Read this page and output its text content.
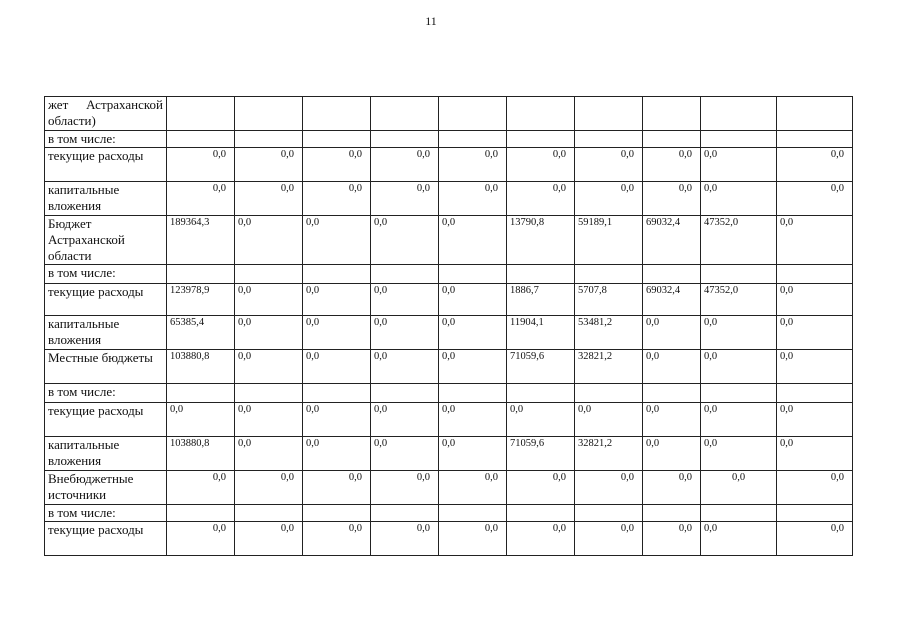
11
жет Астраханской области)										
в том числе:										
текущие расходы	0,0	0,0	0,0	0,0	0,0	0,0	0,0	0,0	0,0	0,0
капитальные вложения	0,0	0,0	0,0	0,0	0,0	0,0	0,0	0,0	0,0	0,0
Бюджет Астраханской области	189364,3	0,0	0,0	0,0	0,0	13790,8	59189,1	69032,4	47352,0	0,0
в том числе:										
текущие расходы	123978,9	0,0	0,0	0,0	0,0	1886,7	5707,8	69032,4	47352,0	0,0
капитальные вложения	65385,4	0,0	0,0	0,0	0,0	11904,1	53481,2	0,0	0,0	0,0
Местные бюджеты	103880,8	0,0	0,0	0,0	0,0	71059,6	32821,2	0,0	0,0	0,0
в том числе:										
текущие расходы	0,0	0,0	0,0	0,0	0,0	0,0	0,0	0,0	0,0	0,0
капитальные вложения	103880,8	0,0	0,0	0,0	0,0	71059,6	32821,2	0,0	0,0	0,0
Внебюджетные источники	0,0	0,0	0,0	0,0	0,0	0,0	0,0	0,0	0,0	0,0
в том числе:										
текущие расходы	0,0	0,0	0,0	0,0	0,0	0,0	0,0	0,0	0,0	0,0
